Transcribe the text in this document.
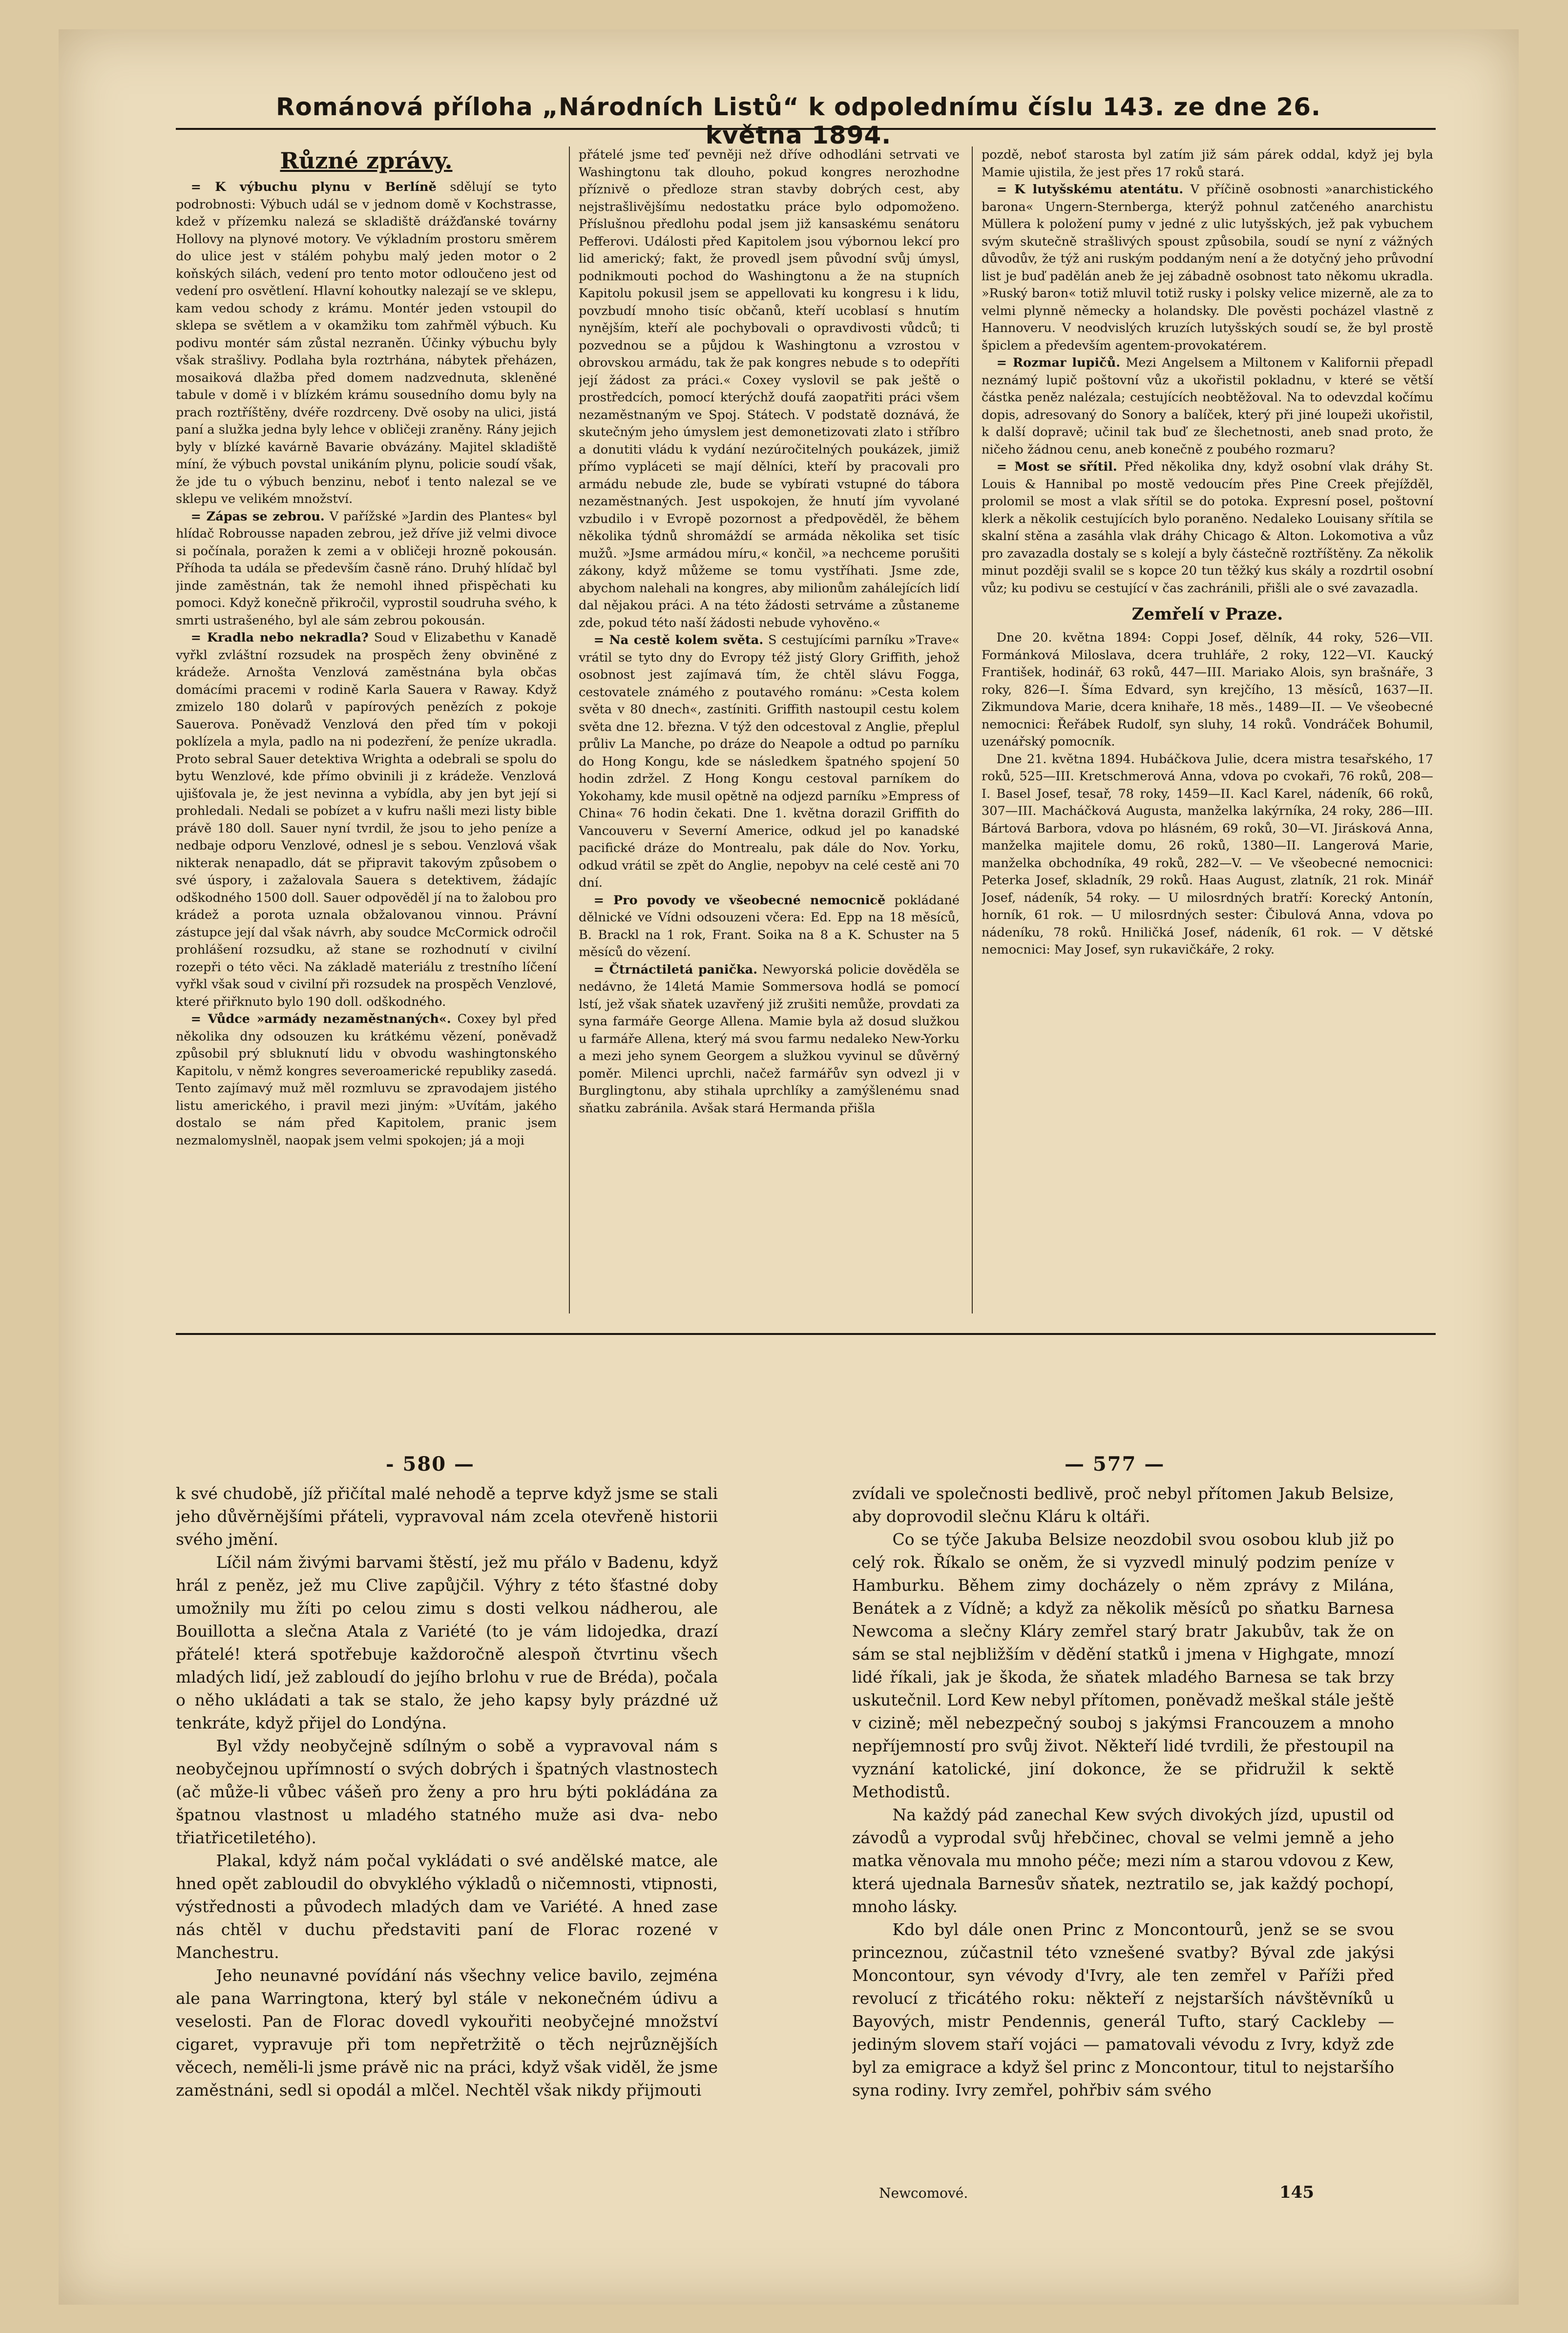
Románová příloha „Národních Listů“ k odpolednímu číslu 143. ze dne 26. května 1894.
Různé zprávy.

= K výbuchu plynu v Berlíně sdělují se tyto podrobnosti: Výbuch udál se v jednom domě v Kochstrasse, kdež v přízemku nalezá se skladiště drážďanské továrny Hollovy na plynové motory. Ve výkladním prostoru směrem do ulice jest v stálém pohybu malý jeden motor o 2 koňských silách, vedení pro tento motor odloučeno jest od vedení pro osvětlení. Hlavní kohoutky nalezají se ve sklepu, kam vedou schody z krámu. Montér jeden vstoupil do sklepa se světlem a v okamžiku tom zahřměl výbuch. Ku podivu montér sám zůstal nezraněn. Účinky výbuchu byly však strašlivy. Podlaha byla roztrhána, nábytek přeházen, mosaiková dlažba před domem nadzvednuta, skleněné tabule v domě i v blízkém krámu sousedního domu byly na prach roztříštěny, dvéře rozdrceny. Dvě osoby na ulici, jistá paní a služka jedna byly lehce v obličeji zraněny. Rány jejich byly v blízké kavárně Bavarie obvázány. Majitel skladiště míní, že výbuch povstal unikáním plynu, policie soudí však, že jde tu o výbuch benzinu, neboť i tento nalezal se ve sklepu ve velikém množství.

= Zápas se zebrou. V pařížské »Jardin des Plantes« byl hlídač Robrousse napaden zebrou, jež dříve již velmi divoce si počínala, poražen k zemi a v obličeji hrozně pokousán. Příhoda ta udála se především časně ráno. Druhý hlídač byl jinde zaměstnán, tak že nemohl ihned přispěchati ku pomoci. Když konečně přikročil, vyprostil soudruha svého, k smrti ustrašeného, byl ale sám zebrou pokousán.

= Kradla nebo nekradla? Soud v Elizabethu v Kanadě vyřkl zvláštní rozsudek na prospěch ženy obviněné z krádeže. Arnošta Venzlová zaměstnána byla občas domácími pracemi v rodině Karla Sauera v Raway. Když zmizelo 180 dolarů v papírových penězích z pokoje Sauerova. Poněvadž Venzlová den před tím v pokoji poklízela a myla, padlo na ni podezření, že peníze ukradla. Proto sebral Sauer detektiva Wrighta a odebrali se spolu do bytu Wenzlové, kde přímo obvinili ji z krádeže. Venzlová ujišťovala je, že jest nevinna a vybídla, aby jen byt její si prohledali. Nedali se pobízet a v kufru našli mezi listy bible právě 180 doll. Sauer nyní tvrdil, že jsou to jeho peníze a nedbaje odporu Venzlové, odnesl je s sebou. Venzlová však nikterak nenapadlo, dát se připravit takovým způsobem o své úspory, i zažalovala Sauera s detektivem, žádajíc odškodného 1500 doll. Sauer odpověděl jí na to žalobou pro krádež a porota uznala obžalovanou vinnou. Právní zástupce její dal však návrh, aby soudce McCormick odročil prohlášení rozsudku, až stane se rozhodnutí v civilní rozepři o této věci. Na základě materiálu z trestního líčení vyřkl však soud v civilní při rozsudek na prospěch Venzlové, které přiřknuto bylo 190 doll. odškodného.

= Vůdce »armády nezaměstnaných«. Coxey byl před několika dny odsouzen ku krátkému vězení, poněvadž způsobil prý sbluknutí lidu v obvodu washingtonského Kapitolu, v němž kongres severoamerické republiky zasedá. Tento zajímavý muž měl rozmluvu se zpravodajem jistého listu amerického, i pravil mezi jiným: »Uvítám, jakého dostalo se nám před Kapitolem, pranic jsem nezmalomyslněl, naopak jsem velmi spokojen; já a moji

přátelé jsme teď pevněji než dříve odhodláni setrvati ve Washingtonu tak dlouho, pokud kongres nerozhodne příznivě o předloze stran stavby dobrých cest, aby nejstrašlivějšímu nedostatku práce bylo odpomoženo. Příslušnou předlohu podal jsem již kansaskému senátoru Pefferovi. Události před Kapitolem jsou výbornou lekcí pro lid americký; fakt, že provedl jsem původní svůj úmysl, podnikmouti pochod do Washingtonu a že na stupních Kapitolu pokusil jsem se appellovati ku kongresu i k lidu, povzbudí mnoho tisíc občanů, kteří ucoblasí s hnutím nynějším, kteří ale pochybovali o opravdivosti vůdců; ti pozvednou se a půjdou k Washingtonu a vzrostou v obrovskou armádu, tak že pak kongres nebude s to odepříti její žádost za práci.« Coxey vyslovil se pak ještě o prostředcích, pomocí kterýchž doufá zaopatřiti práci všem nezaměstnaným ve Spoj. Státech. V podstatě doznává, že skutečným jeho úmyslem jest demonetizovati zlato i stříbro a donutiti vládu k vydání nezúročitelných poukázek, jimiž přímo vypláceti se mají dělníci, kteří by pracovali pro armádu nebude zle, bude se vybírati vstupné do tábora nezaměstnaných. Jest uspokojen, že hnutí jím vyvolané vzbudilo i v Evropě pozornost a předpověděl, že během několika týdnů shromáždí se armáda několika set tisíc mužů. »Jsme armádou míru,« končil, »a nechceme porušiti zákony, když můžeme se tomu vystříhati. Jsme zde, abychom nalehali na kongres, aby milionům zahálejících lidí dal nějakou práci. A na této žádosti setrváme a zůstaneme zde, pokud této naší žádosti nebude vyhověno.«

= Na cestě kolem světa. S cestujícími parníku »Trave« vrátil se tyto dny do Evropy též jistý Glory Griffith, jehož osobnost jest zajímavá tím, že chtěl slávu Fogga, cestovatele známého z poutavého románu: »Cesta kolem světa v 80 dnech«, zastíniti. Griffith nastoupil cestu kolem světa dne 12. března. V týž den odcestoval z Anglie, přeplul průliv La Manche, po dráze do Neapole a odtud po parníku do Hong Kongu, kde se následkem špatného spojení 50 hodin zdržel. Z Hong Kongu cestoval parníkem do Yokohamy, kde musil opětně na odjezd parníku »Empress of China« 76 hodin čekati. Dne 1. května dorazil Griffith do Vancouveru v Severní Americe, odkud jel po kanadské pacifické dráze do Montrealu, pak dále do Nov. Yorku, odkud vrátil se zpět do Anglie, nepobyv na celé cestě ani 70 dní.

= Pro povody ve všeobecné nemocnicě pokládané dělnické ve Vídni odsouzeni včera: Ed. Epp na 18 měsíců, B. Brackl na 1 rok, Frant. Soika na 8 a K. Schuster na 5 měsíců do vězení.

= Čtrnáctiletá panička. Newyorská policie dověděla se nedávno, že 14letá Mamie Sommersova hodlá se pomocí lstí, jež však sňatek uzavřený již zrušiti nemůže, provdati za syna farmáře George Allena. Mamie byla až dosud služkou u farmáře Allena, který má svou farmu nedaleko New-Yorku a mezi jeho synem Georgem a služkou vyvinul se důvěrný poměr. Milenci uprchli, načež farmářův syn odvezl ji v Burglingtonu, aby stihala uprchlíky a zamýšlenému snad sňatku zabránila. Avšak stará Hermanda přišla

pozdě, neboť starosta byl zatím již sám párek oddal, když jej byla Mamie ujistila, že jest přes 17 roků stará.

= K lutyšskému atentátu. V příčině osobnosti »anarchistického barona« Ungern-Sternberga, kterýž pohnul zatčeného anarchistu Müllera k položení pumy v jedné z ulic lutyšských, jež pak vybuchem svým skutečně strašlivých spoust způsobila, soudí se nyní z vážných důvodův, že týž ani ruským poddaným není a že dotyčný jeho průvodní list je buď padělán aneb že jej zábadně osobnost tato někomu ukradla. »Ruský baron« totiž mluvil totiž rusky i polsky velice mizerně, ale za to velmi plynně německy a holandsky. Dle pověsti pocházel vlastně z Hannoveru. V neodvislých kruzích lutyšských soudí se, že byl prostě špiclem a především agentem-provokatérem.

= Rozmar lupičů. Mezi Angelsem a Miltonem v Kalifornii přepadl neznámý lupič poštovní vůz a ukořistil pokladnu, v které se větší částka peněz nalézala; cestujících neobtěžoval. Na to odevzdal kočímu dopis, adresovaný do Sonory a balíček, který při jiné loupeži ukořistil, k další dopravě; učinil tak buď ze šlechetnosti, aneb snad proto, že ničeho žádnou cenu, aneb konečně z poubého rozmaru?

= Most se sřítil. Před několika dny, když osobní vlak dráhy St. Louis & Hannibal po mostě vedoucím přes Pine Creek přejížděl, prolomil se most a vlak sřítil se do potoka. Expresní posel, poštovní klerk a několik cestujících bylo poraněno. Nedaleko Louisany sřítila se skalní stěna a zasáhla vlak dráhy Chicago & Alton. Lokomotiva a vůz pro zavazadla dostaly se s kolejí a byly částečně roztříštěny. Za několik minut později svalil se s kopce 20 tun těžký kus skály a rozdrtil osobní vůz; ku podivu se cestující v čas zachránili, přišli ale o své zavazadla.

Zemřelí v Praze.

Dne 20. května 1894: Coppi Josef, dělník, 44 roky, 526—VII. Formánková Miloslava, dcera truhláře, 2 roky, 122—VI. Kaucký František, hodinář, 63 roků, 447—III. Mariako Alois, syn brašnáře, 3 roky, 826—I. Šíma Edvard, syn krejčího, 13 měsíců, 1637—II. Zikmundova Marie, dcera knihaře, 18 měs., 1489—II. — Ve všeobecné nemocnici: Řeřábek Rudolf, syn sluhy, 14 roků. Vondráček Bohumil, uzenářský pomocník.

Dne 21. května 1894. Hubáčkova Julie, dcera mistra tesařského, 17 roků, 525—III. Kretschmerová Anna, vdova po cvokaři, 76 roků, 208—I. Basel Josef, tesař, 78 roky, 1459—II. Kacl Karel, nádeník, 66 roků, 307—III. Macháčková Augusta, manželka lakýrníka, 24 roky, 286—III. Bártová Barbora, vdova po hlásném, 69 roků, 30—VI. Jirásková Anna, manželka majitele domu, 26 roků, 1380—II. Langerová Marie, manželka obchodníka, 49 roků, 282—V. — Ve všeobecné nemocnici: Peterka Josef, skladník, 29 roků. Haas August, zlatník, 21 rok. Minář Josef, nádeník, 54 roky. — U milosrdných bratří: Korecký Antonín, horník, 61 rok. — U milosrdných sester: Čibulová Anna, vdova po nádeníku, 78 roků. Hniličká Josef, nádeník, 61 rok. — V dětské nemocnici: May Josef, syn rukavičkáře, 2 roky.

- 580 —	— 577 —

k své chudobě, jíž přičítal malé nehodě a teprve když jsme se stali jeho důvěrnějšími přáteli, vypravoval nám zcela otevřeně historii svého jmění.

Líčil nám živými barvami štěstí, jež mu přálo v Badenu, když hrál z peněz, jež mu Clive zapůjčil. Výhry z této šťastné doby umožnily mu žíti po celou zimu s dosti velkou nádherou, ale Bouillotta a slečna Atala z Variété (to je vám lidojedka, drazí přátelé! která spotřebuje každoročně alespoň čtvrtinu všech mladých lidí, jež zabloudí do jejího brlohu v rue de Bréda), počala o něho ukládati a tak se stalo, že jeho kapsy byly prázdné už tenkráte, když přijel do Londýna.

Byl vždy neobyčejně sdílným o sobě a vypravoval nám s neobyčejnou upřímností o svých dobrých i špatných vlastnostech (ač může-li vůbec vášeň pro ženy a pro hru býti pokládána za špatnou vlastnost u mladého statného muže asi dva- nebo třiatřicetiletého).

Plakal, když nám počal vykládati o své andělské matce, ale hned opět zabloudil do obvyklého výkladů o ničemnosti, vtipnosti, výstřednosti a původech mladých dam ve Variété. A hned zase nás chtěl v duchu představiti paní de Florac rozené v Manchestru.

Jeho neunavné povídání nás všechny velice bavilo, zejména ale pana Warringtona, který byl stále v nekonečném údivu a veselosti. Pan de Florac dovedl vykouřiti neobyčejné množství cigaret, vypravuje při tom nepřetržitě o těch nejrůznějších věcech, neměli-li jsme právě nic na práci, když však viděl, že jsme zaměstnáni, sedl si opodál a mlčel. Nechtěl však nikdy přijmouti

zvídali ve společnosti bedlivě, proč nebyl přítomen Jakub Belsize, aby doprovodil slečnu Kláru k oltáři.

Co se týče Jakuba Belsize neozdobil svou osobou klub již po celý rok. Říkalo se oněm, že si vyzvedl minulý podzim peníze v Hamburku. Během zimy docházely o něm zprávy z Milána, Benátek a z Vídně; a když za několik měsíců po sňatku Barnesa Newcoma a slečny Kláry zemřel starý bratr Jakubův, tak že on sám se stal nejbližším v dědění statků i jmena v Highgate, mnozí lidé říkali, jak je škoda, že sňatek mladého Barnesa se tak brzy uskutečnil. Lord Kew nebyl přítomen, poněvadž meškal stále ještě v cizině; měl nebezpečný souboj s jakýmsi Francouzem a mnoho nepříjemností pro svůj život. Někteří lidé tvrdili, že přestoupil na vyznání katolické, jiní dokonce, že se přidružil k sektě Methodistů.

Na každý pád zanechal Kew svých divokých jízd, upustil od závodů a vyprodal svůj hřebčinec, choval se velmi jemně a jeho matka věnovala mu mnoho péče; mezi ním a starou vdovou z Kew, která ujednala Barnesův sňatek, neztratilo se, jak každý pochopí, mnoho lásky.

Kdo byl dále onen Princ z Moncontourů, jenž se se svou princeznou, zúčastnil této vznešené svatby? Býval zde jakýsi Moncontour, syn vévody d'Ivry, ale ten zemřel v Paříži před revolucí z třicátého roku: někteří z nejstarších návštěvníků u Bayových, mistr Pendennis, generál Tufto, starý Cackleby — jediným slovem staří vojáci — pamatovali vévodu z Ivry, když zde byl za emigrace a když šel princ z Moncontour, titul to nejstaršího syna rodiny. Ivry zemřel, pohřbiv sám svého

Newcomové.	145
